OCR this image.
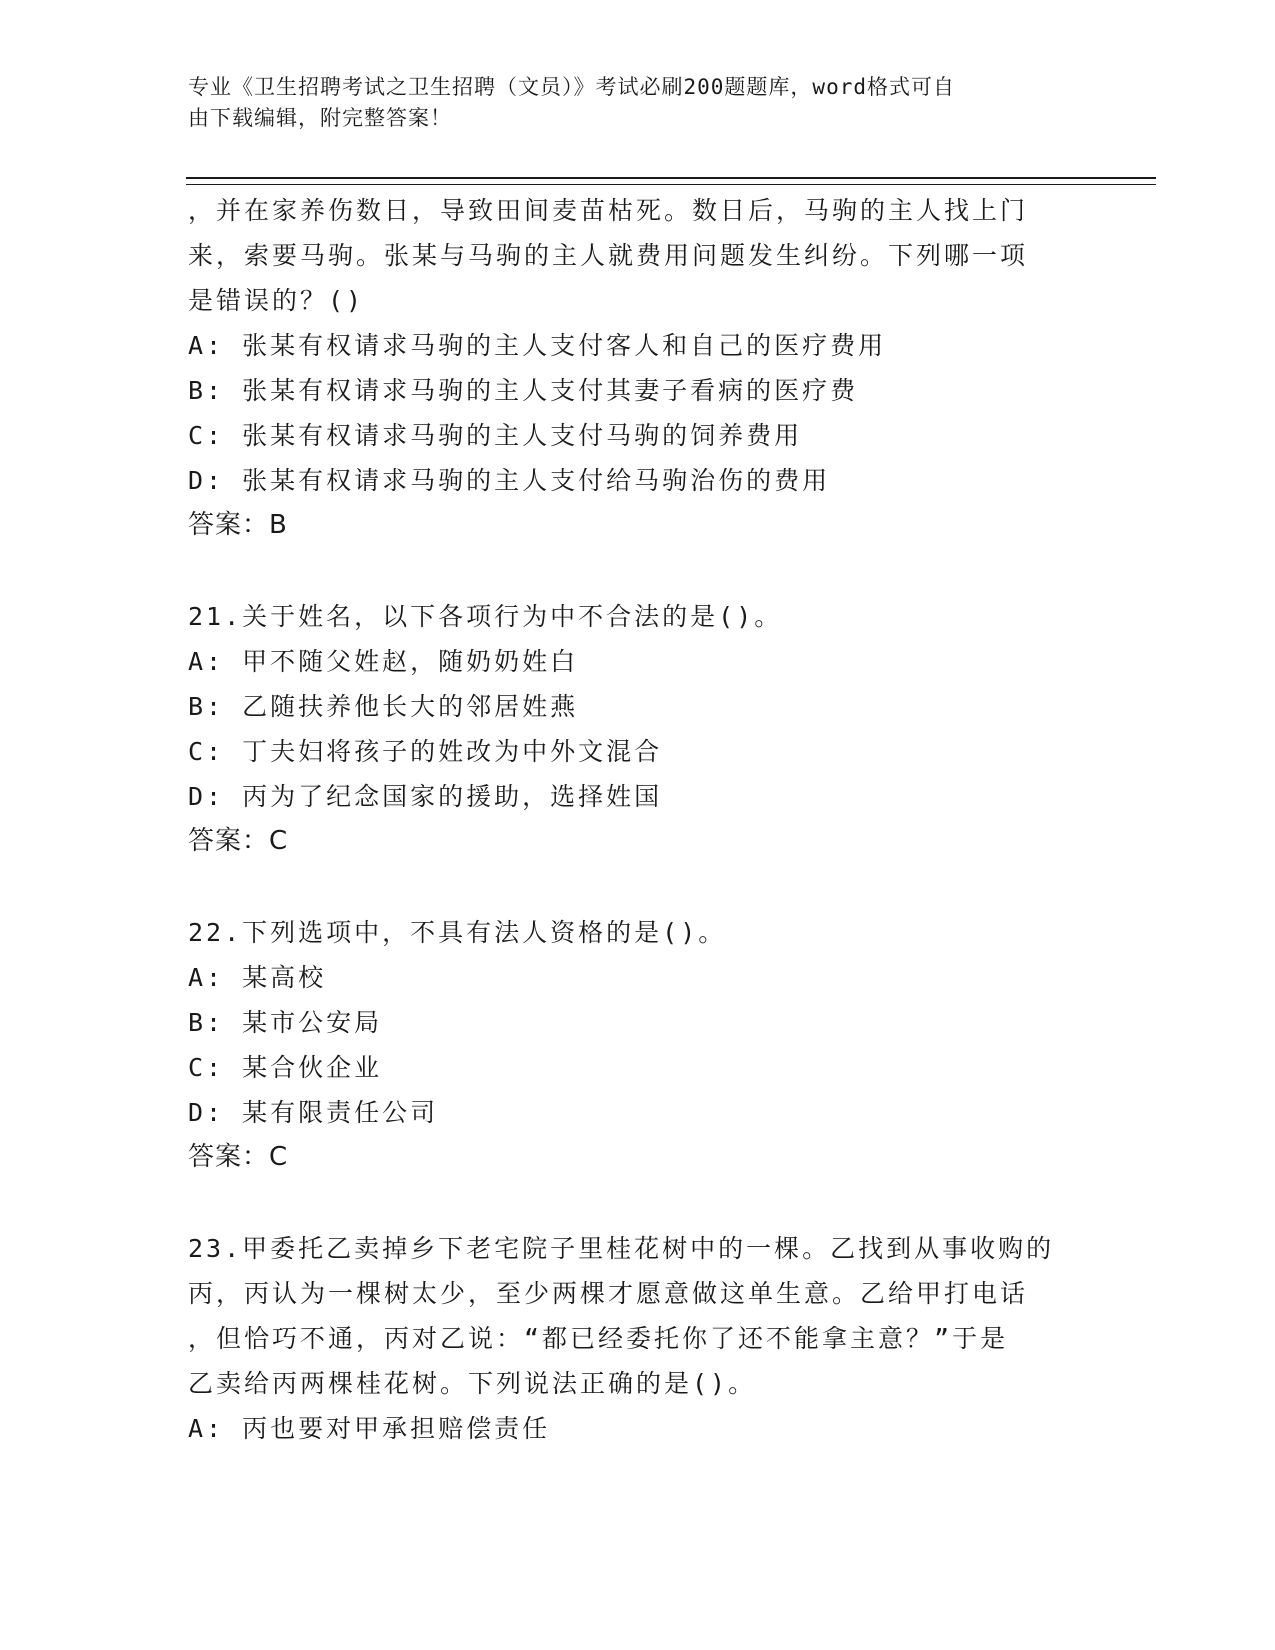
专业《卫生招聘考试之卫生招聘（文员）》考试必刷200题题库，word格式可自
由下载编辑，附完整答案！
，并在家养伤数日，导致田间麦苗枯死。数日后，马驹的主人找上门
来，索要马驹。张某与马驹的主人就费用问题发生纠纷。下列哪一项
是错误的？()
A: 张某有权请求马驹的主人支付客人和自己的医疗费用
B: 张某有权请求马驹的主人支付其妻子看病的医疗费
C: 张某有权请求马驹的主人支付马驹的饲养费用
D: 张某有权请求马驹的主人支付给马驹治伤的费用
答案：B
21.关于姓名，以下各项行为中不合法的是()。
A: 甲不随父姓赵，随奶奶姓白
B: 乙随扶养他长大的邻居姓燕
C: 丁夫妇将孩子的姓改为中外文混合
D: 丙为了纪念国家的援助，选择姓国
答案：C
22.下列选项中，不具有法人资格的是()。
A: 某高校
B: 某市公安局
C: 某合伙企业
D: 某有限责任公司
答案：C
23.甲委托乙卖掉乡下老宅院子里桂花树中的一棵。乙找到从事收购的
丙，丙认为一棵树太少，至少两棵才愿意做这单生意。乙给甲打电话
，但恰巧不通，丙对乙说：“都已经委托你了还不能拿主意？”于是
乙卖给丙两棵桂花树。下列说法正确的是()。
A: 丙也要对甲承担赔偿责任
